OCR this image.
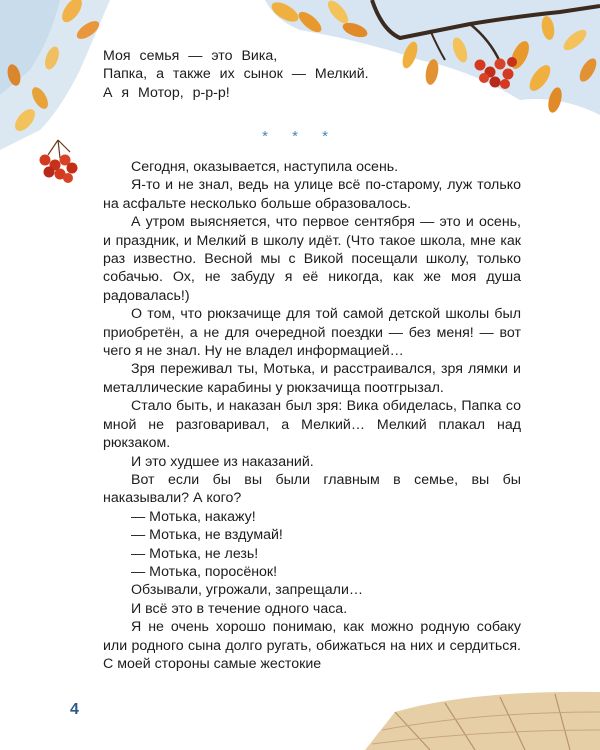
Моя семья — это Вика,

Папка, а также их сынок — Мелкий.

А я Мотор, р-р-р!

* * *

Сегодня, оказывается, наступила осень.

Я-то и не знал, ведь на улице всё по-старому, луж только на асфальте несколько больше образовалось.

А утром выясняется, что первое сентября — это и осень, и праздник, и Мелкий в школу идёт. (Что такое школа, мне как раз известно. Весной мы с Викой посещали школу, только собачью. Ох, не забуду я её никогда, как же моя душа радовалась!)

О том, что рюкзачище для той самой детской школы был приобретён, а не для очередной поездки — без меня! — вот чего я не знал. Ну не владел информацией…

Зря переживал ты, Мотька, и расстраивался, зря лямки и металлические карабины у рюкзачища поотгрызал.

Стало быть, и наказан был зря: Вика обиделась, Папка со мной не разговаривал, а Мелкий… Мелкий плакал над рюкзаком.

И это худшее из наказаний.

Вот если бы вы были главным в семье, вы бы наказывали? А кого?

— Мотька, накажу!

— Мотька, не вздумай!

— Мотька, не лезь!

— Мотька, поросёнок!

Обзывали, угрожали, запрещали…

И всё это в течение одного часа.

Я не очень хорошо понимаю, как можно родную собаку или родного сына долго ругать, обижаться на них и сердиться. С моей стороны самые жестокие

4
